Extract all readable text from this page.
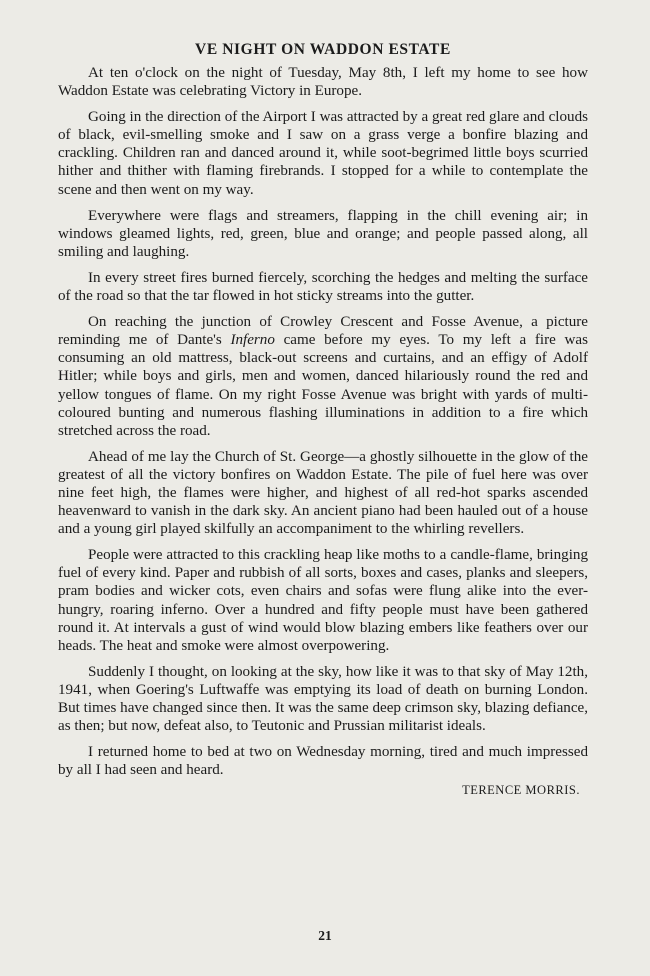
VE NIGHT ON WADDON ESTATE

At ten o'clock on the night of Tuesday, May 8th, I left my home to see how Waddon Estate was celebrating Victory in Europe.

Going in the direction of the Airport I was attracted by a great red glare and clouds of black, evil-smelling smoke and I saw on a grass verge a bonfire blazing and crackling. Children ran and danced around it, while soot-begrimed little boys scurried hither and thither with flaming firebrands. I stopped for a while to contemplate the scene and then went on my way.

Everywhere were flags and streamers, flapping in the chill evening air; in windows gleamed lights, red, green, blue and orange; and people passed along, all smiling and laughing.

In every street fires burned fiercely, scorching the hedges and melting the surface of the road so that the tar flowed in hot sticky streams into the gutter.

On reaching the junction of Crowley Crescent and Fosse Avenue, a picture reminding me of Dante's Inferno came before my eyes. To my left a fire was consuming an old mattress, black-out screens and curtains, and an effigy of Adolf Hitler; while boys and girls, men and women, danced hilariously round the red and yellow tongues of flame. On my right Fosse Avenue was bright with yards of multi-coloured bunting and numerous flashing illuminations in addition to a fire which stretched across the road.

Ahead of me lay the Church of St. George—a ghostly silhouette in the glow of the greatest of all the victory bonfires on Waddon Estate. The pile of fuel here was over nine feet high, the flames were higher, and highest of all red-hot sparks ascended heavenward to vanish in the dark sky. An ancient piano had been hauled out of a house and a young girl played skilfully an accompaniment to the whirling revellers.

People were attracted to this crackling heap like moths to a candle-flame, bringing fuel of every kind. Paper and rubbish of all sorts, boxes and cases, planks and sleepers, pram bodies and wicker cots, even chairs and sofas were flung alike into the ever-hungry, roaring inferno. Over a hundred and fifty people must have been gathered round it. At intervals a gust of wind would blow blazing embers like feathers over our heads. The heat and smoke were almost overpowering.

Suddenly I thought, on looking at the sky, how like it was to that sky of May 12th, 1941, when Goering's Luftwaffe was emptying its load of death on burning London. But times have changed since then. It was the same deep crimson sky, blazing defiance, as then; but now, defeat also, to Teutonic and Prussian militarist ideals.

I returned home to bed at two on Wednesday morning, tired and much impressed by all I had seen and heard.

TERENCE MORRIS.
21
